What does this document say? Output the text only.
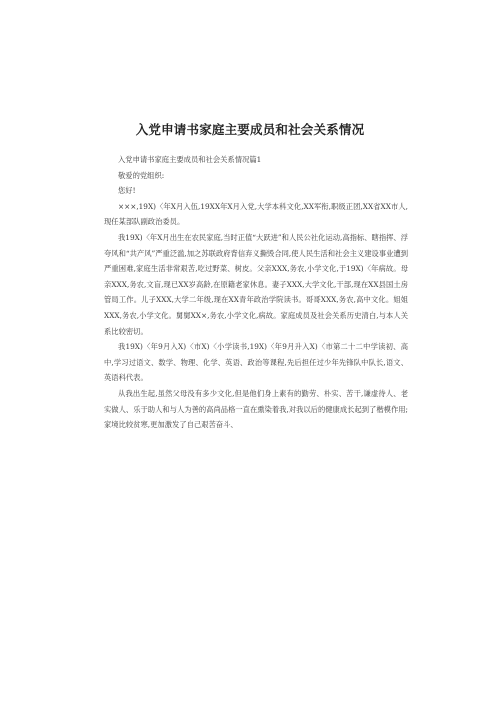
入党申请书家庭主要成员和社会关系情况

入党申请书家庭主要成员和社会关系情况篇1

敬爱的党组织:

您好!

×××,19X)〈年X月入伍,19XX年X月入党,大学本科文化,XX军衔,职级正团,XX省XX市人,现任某部队副政治委员。

我19X)〈年X月出生在农民家庭,当时正值“大跃进”和人民公社化运动,高指标、瞎指挥、浮夸风和“共产风”严重泛滥,加之苏联政府背信弃义撕毁合同,使人民生活和社会主义建设事业遭到严重困难,家庭生活非常艰苦,吃过野菜、树皮。父亲XXX,务农,小学文化,于19X)〈年病故。母亲XXX,务农,文盲,现已XX岁高龄,在原籍老家休息。妻子XXX,大学文化,干部,现在XX县国土房管局工作。儿子XXX,大学二年级,现在XX青年政治学院读书。哥哥XXX,务农,高中文化。姐姐XXX,务农,小学文化。舅舅XX×,务农,小学文化,病故。家庭成员及社会关系历史清白,与本人关系比较密切。

我19X)〈年9月入X)〈市X)〈小学读书,19X)〈年9月升入X)〈市第二十二中学读初、高中,学习过语文、数学、物理、化学、英语、政治等课程,先后担任过少年先锋队中队长,语文、英语科代表。

从我出生起,虽然父母没有多少文化,但是他们身上素有的勤劳、朴实、苦干,谦虚待人、老实做人、乐于助人和与人为善的高尚品格一直在熏染着我,对我以后的健康成长起到了楷模作用;家境比较贫寒,更加激发了自己艰苦奋斗、
